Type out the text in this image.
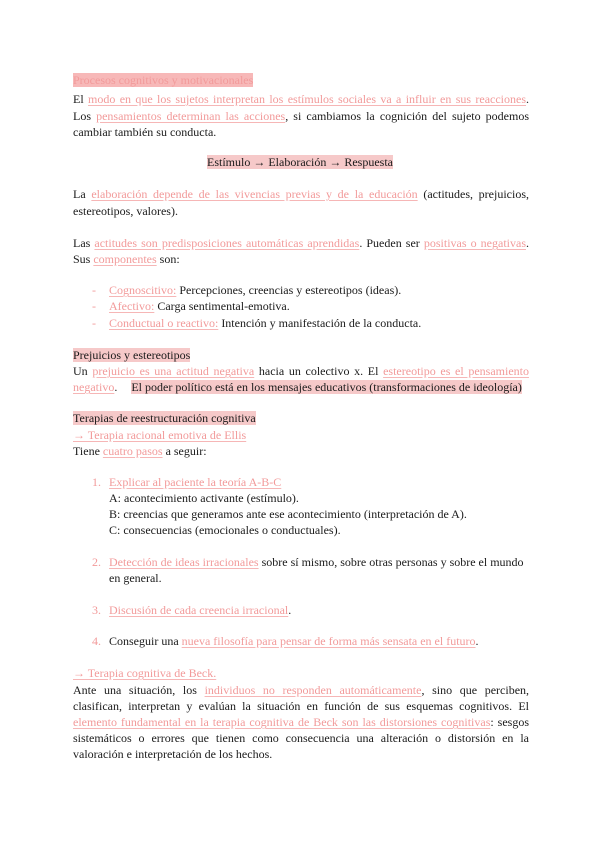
Procesos cognitivos y motivacionales

El modo en que los sujetos interpretan los estímulos sociales va a influir en sus reacciones.

Los pensamientos determinan las acciones, si cambiamos la cognición del sujeto podemos

cambiar también su conducta.

Estímulo → Elaboración → Respuesta

La elaboración depende de las vivencias previas y de la educación (actitudes, prejuicios,

estereotipos, valores).

Las actitudes son predisposiciones automáticas aprendidas. Pueden ser positivas o negativas.

Sus componentes son:

- Cognoscitivo: Percepciones, creencias y estereotipos (ideas).

- Afectivo: Carga sentimental-emotiva.

- Conductual o reactivo: Intención y manifestación de la conducta.

Prejuicios y estereotipos

Un prejuicio es una actitud negativa hacia un colectivo x. El estereotipo es el pensamiento

negativo. El poder político está en los mensajes educativos (transformaciones de ideología)

Terapias de reestructuración cognitiva

→ Terapia racional emotiva de Ellis

Tiene cuatro pasos a seguir:

1. Explicar al paciente la teoría A-B-C

A: acontecimiento activante (estímulo).

B: creencias que generamos ante ese acontecimiento (interpretación de A).

C: consecuencias (emocionales o conductuales).

2. Detección de ideas irracionales sobre sí mismo, sobre otras personas y sobre el mundo

en general.

3. Discusión de cada creencia irracional.

4. Conseguir una nueva filosofía para pensar de forma más sensata en el futuro.

→ Terapia cognitiva de Beck.

Ante una situación, los individuos no responden automáticamente, sino que perciben,

clasifican, interpretan y evalúan la situación en función de sus esquemas cognitivos. El

elemento fundamental en la terapia cognitiva de Beck son las distorsiones cognitivas: sesgos

sistemáticos o errores que tienen como consecuencia una alteración o distorsión en la

valoración e interpretación de los hechos.
